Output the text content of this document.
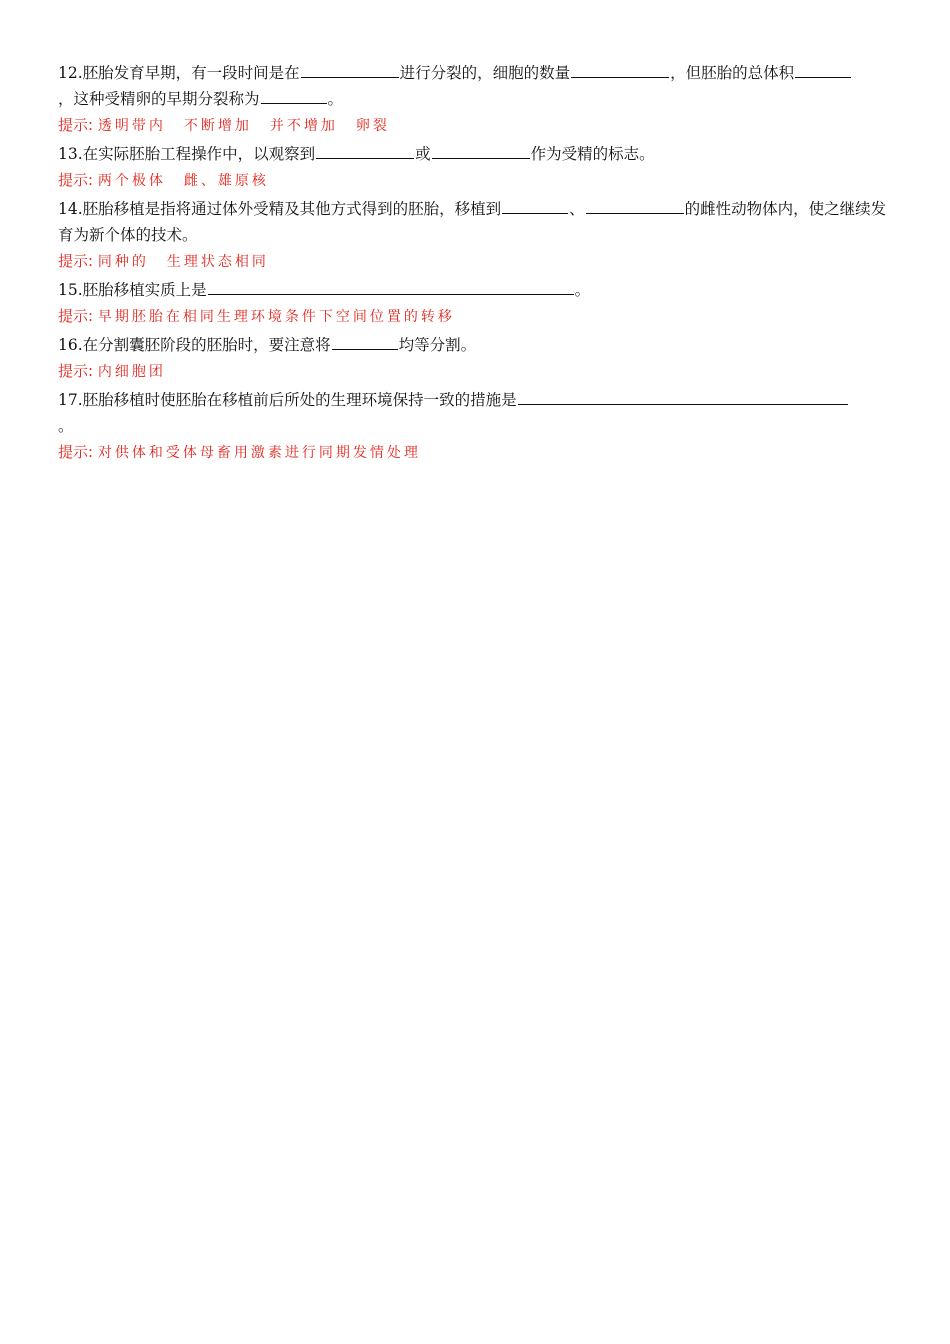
12.胚胎发育早期，有一段时间是在	进行分裂的，细胞的数量	，但胚胎的总体积
，这种受精卵的早期分裂称为	。

提示: 透明带内 不断增加 并不增加 卵裂

13.在实际胚胎工程操作中，以观察到	或	作为受精的标志。

提示: 两个极体 雌、雄原核

14.胚胎移植是指将通过体外受精及其他方式得到的胚胎，移植到	、	的雌性动物体内，使之继续发育为新个体的技术。

提示: 同种的 生理状态相同

15.胚胎移植实质上是	。

提示: 早期胚胎在相同生理环境条件下空间位置的转移

16.在分割囊胚阶段的胚胎时，要注意将	均等分割。

提示: 内细胞团

17.胚胎移植时使胚胎在移植前后所处的生理环境保持一致的措施是
。

提示: 对供体和受体母畜用激素进行同期发情处理
